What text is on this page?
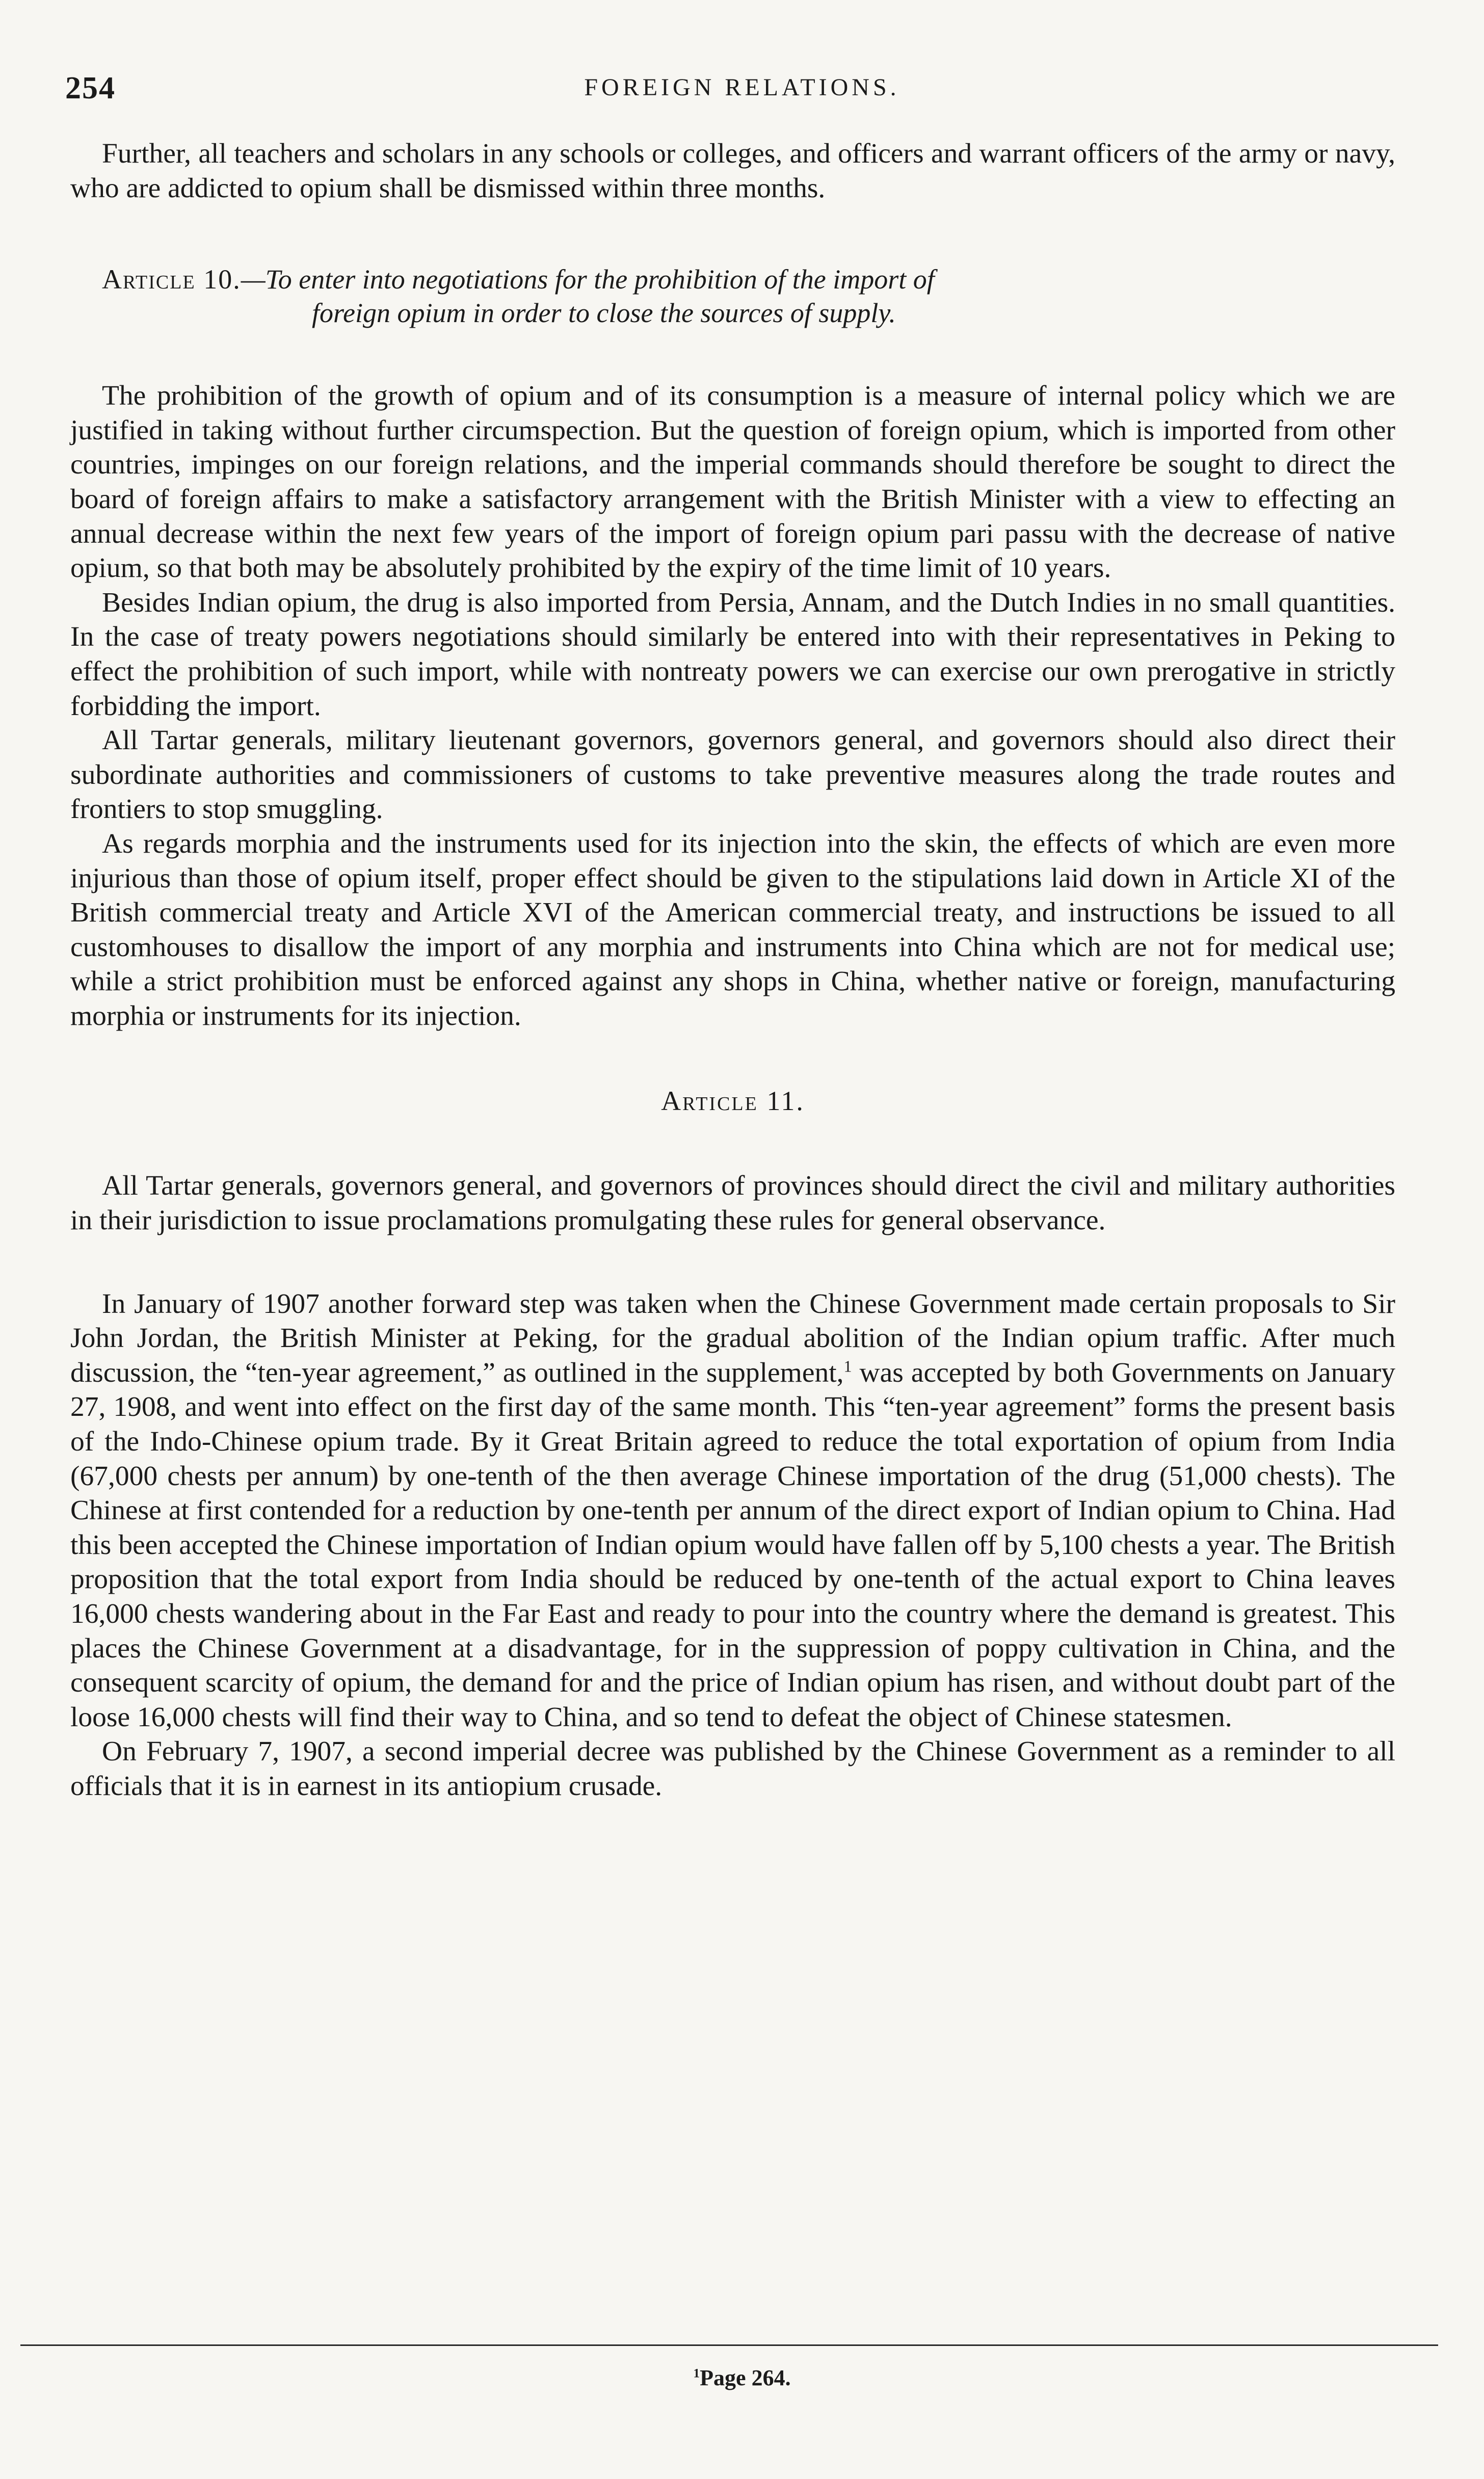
254	FOREIGN RELATIONS.

Further, all teachers and scholars in any schools or colleges, and officers and warrant officers of the army or navy, who are addicted to opium shall be dismissed within three months.

Article 10.—To enter into negotiations for the prohibition of the import of
foreign opium in order to close the sources of supply.

The prohibition of the growth of opium and of its consumption is a measure of internal policy which we are justified in taking without further circumspection. But the question of foreign opium, which is imported from other countries, impinges on our foreign relations, and the imperial commands should therefore be sought to direct the board of foreign affairs to make a satisfactory arrangement with the British Minister with a view to effecting an annual decrease within the next few years of the import of foreign opium pari passu with the decrease of native opium, so that both may be absolutely prohibited by the expiry of the time limit of 10 years.

Besides Indian opium, the drug is also imported from Persia, Annam, and the Dutch Indies in no small quantities. In the case of treaty powers negotiations should similarly be entered into with their representatives in Peking to effect the prohibition of such import, while with nontreaty powers we can exercise our own prerogative in strictly forbidding the import.

All Tartar generals, military lieutenant governors, governors general, and governors should also direct their subordinate authorities and commissioners of customs to take preventive measures along the trade routes and frontiers to stop smuggling.

As regards morphia and the instruments used for its injection into the skin, the effects of which are even more injurious than those of opium itself, proper effect should be given to the stipulations laid down in Article XI of the British commercial treaty and Article XVI of the American commercial treaty, and instructions be issued to all customhouses to disallow the import of any morphia and instruments into China which are not for medical use; while a strict prohibition must be enforced against any shops in China, whether native or foreign, manufacturing morphia or instruments for its injection.

Article 11.

All Tartar generals, governors general, and governors of provinces should direct the civil and military authorities in their jurisdiction to issue proclamations promulgating these rules for general observance.

In January of 1907 another forward step was taken when the Chinese Government made certain proposals to Sir John Jordan, the British Minister at Peking, for the gradual abolition of the Indian opium traffic. After much discussion, the “ten-year agreement,” as outlined in the supplement,$^1$ was accepted by both Governments on January 27, 1908, and went into effect on the first day of the same month. This “ten-year agreement” forms the present basis of the Indo-Chinese opium trade. By it Great Britain agreed to reduce the total exportation of opium from India (67,000 chests per annum) by one-tenth of the then average Chinese importation of the drug (51,000 chests). The Chinese at first contended for a reduction by one-tenth per annum of the direct export of Indian opium to China. Had this been accepted the Chinese importation of Indian opium would have fallen off by 5,100 chests a year. The British proposition that the total export from India should be reduced by one-tenth of the actual export to China leaves 16,000 chests wandering about in the Far East and ready to pour into the country where the demand is greatest. This places the Chinese Government at a disadvantage, for in the suppression of poppy cultivation in China, and the consequent scarcity of opium, the demand for and the price of Indian opium has risen, and without doubt part of the loose 16,000 chests will find their way to China, and so tend to defeat the object of Chinese statesmen.

On February 7, 1907, a second imperial decree was published by the Chinese Government as a reminder to all officials that it is in earnest in its antiopium crusade.

$^1$Page 264.
